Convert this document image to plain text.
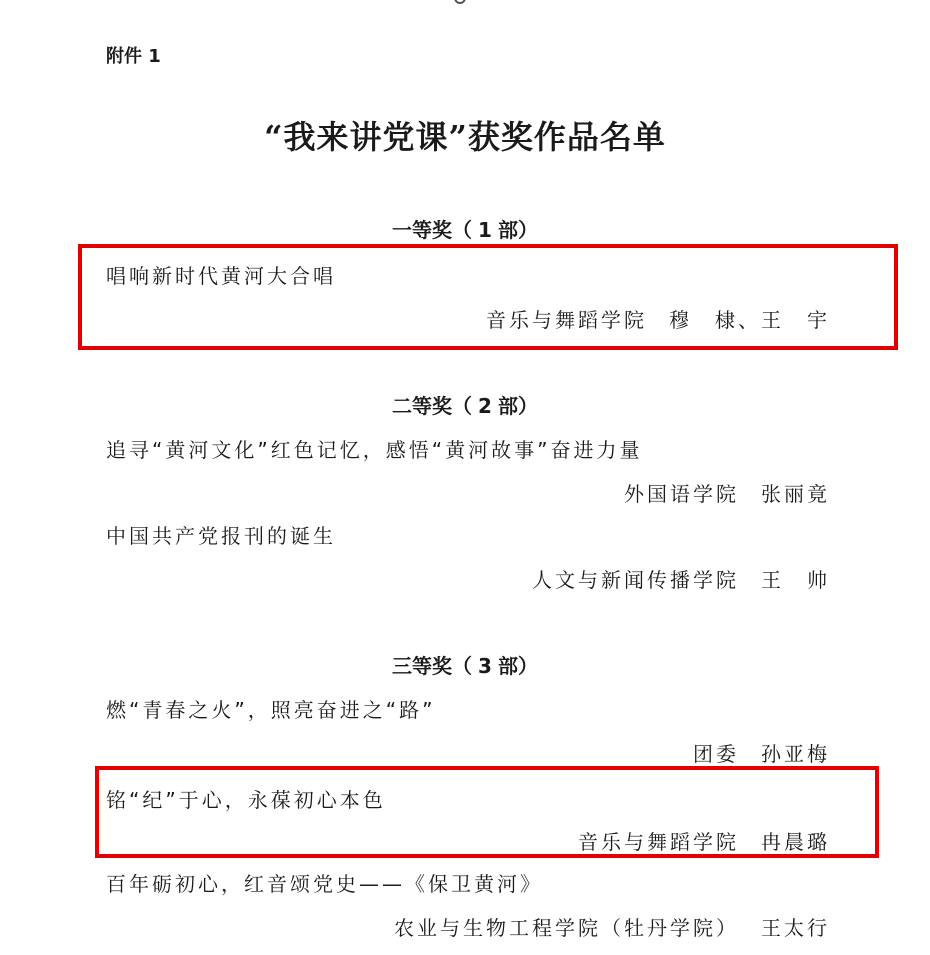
附件 1
“我来讲党课”获奖作品名单
一等奖（ 1 部）
唱响新时代黄河大合唱
音乐与舞蹈学院 穆　棣、王　宇
二等奖（ 2 部）
追寻“黄河文化”红色记忆，感悟“黄河故事”奋进力量
外国语学院 张丽竟
中国共产党报刊的诞生
人文与新闻传播学院 王　帅
三等奖（ 3 部）
燃“青春之火”，照亮奋进之“路”
团委 孙亚梅
铭“纪”于心，永葆初心本色
音乐与舞蹈学院 冉晨璐
百年砺初心，红音颂党史——《保卫黄河》
农业与生物工程学院（牡丹学院） 王太行
